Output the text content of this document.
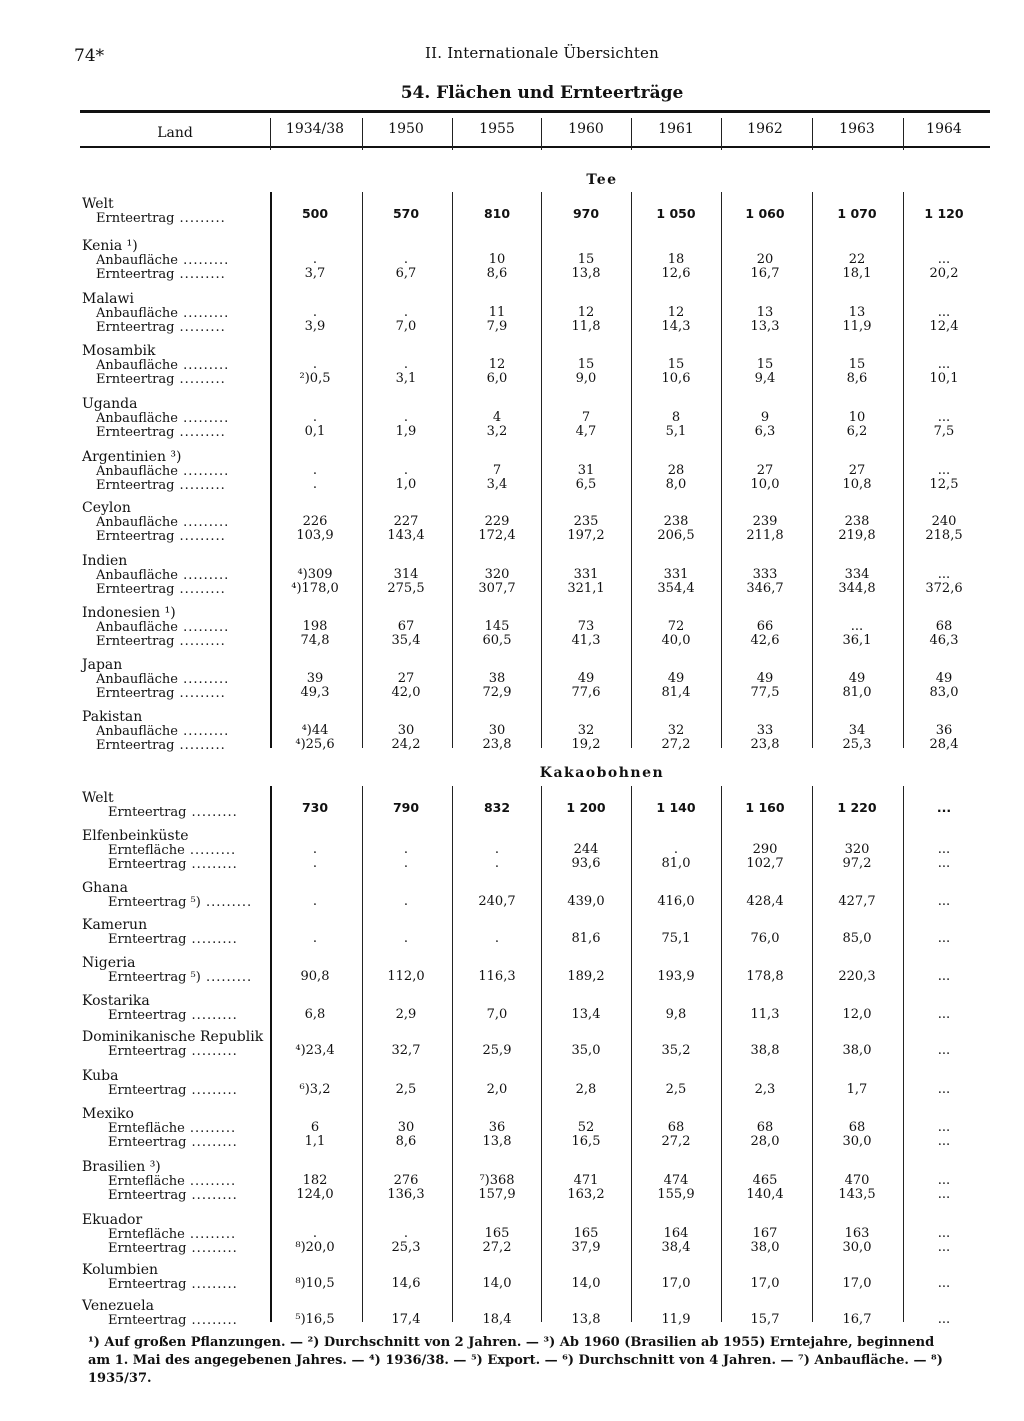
74*	II. Internationale Übersichten
54. Flächen und Ernteerträge
Land	1934/38	1950	1955	1960	1961	1962	1963	1964
Tee
Welt
Ernteertrag .........	500	570	810	970	1 050	1 060	1 070	1 120
Kenia ¹)
Anbaufläche .........	.	.	10	15	18	20	22	...
Ernteertrag .........	3,7	6,7	8,6	13,8	12,6	16,7	18,1	20,2
Malawi
Anbaufläche .........	.	.	11	12	12	13	13	...
Ernteertrag .........	3,9	7,0	7,9	11,8	14,3	13,3	11,9	12,4
Mosambik
Anbaufläche .........	.	.	12	15	15	15	15	...
Ernteertrag .........	²)0,5	3,1	6,0	9,0	10,6	9,4	8,6	10,1
Uganda
Anbaufläche .........	.	.	4	7	8	9	10	...
Ernteertrag .........	0,1	1,9	3,2	4,7	5,1	6,3	6,2	7,5
Argentinien ³)
Anbaufläche .........	.	.	7	31	28	27	27	...
Ernteertrag .........	.	1,0	3,4	6,5	8,0	10,0	10,8	12,5
Ceylon
Anbaufläche .........	226	227	229	235	238	239	238	240
Ernteertrag .........	103,9	143,4	172,4	197,2	206,5	211,8	219,8	218,5
Indien
Anbaufläche .........	⁴)309	314	320	331	331	333	334	...
Ernteertrag .........	⁴)178,0	275,5	307,7	321,1	354,4	346,7	344,8	372,6
Indonesien ¹)
Anbaufläche .........	198	67	145	73	72	66	...	68
Ernteertrag .........	74,8	35,4	60,5	41,3	40,0	42,6	36,1	46,3
Japan
Anbaufläche .........	39	27	38	49	49	49	49	49
Ernteertrag .........	49,3	42,0	72,9	77,6	81,4	77,5	81,0	83,0
Pakistan
Anbaufläche .........	⁴)44	30	30	32	32	33	34	36
Ernteertrag .........	⁴)25,6	24,2	23,8	19,2	27,2	23,8	25,3	28,4
Kakaobohnen
Welt
Ernteertrag .........	730	790	832	1 200	1 140	1 160	1 220	...
Elfenbeinküste
Erntefläche .........	.	.	.	244	.	290	320	...
Ernteertrag .........	.	.	.	93,6	81,0	102,7	97,2	...
Ghana
Ernteertrag ⁵) .........	.	.	240,7	439,0	416,0	428,4	427,7	...
Kamerun
Ernteertrag .........	.	.	.	81,6	75,1	76,0	85,0	...
Nigeria
Ernteertrag ⁵) .........	90,8	112,0	116,3	189,2	193,9	178,8	220,3	...
Kostarika
Ernteertrag .........	6,8	2,9	7,0	13,4	9,8	11,3	12,0	...
Dominikanische Republik
Ernteertrag .........	⁴)23,4	32,7	25,9	35,0	35,2	38,8	38,0	...
Kuba
Ernteertrag .........	⁶)3,2	2,5	2,0	2,8	2,5	2,3	1,7	...
Mexiko
Erntefläche .........	6	30	36	52	68	68	68	...
Ernteertrag .........	1,1	8,6	13,8	16,5	27,2	28,0	30,0	...
Brasilien ³)
Erntefläche .........	182	276	⁷)368	471	474	465	470	...
Ernteertrag .........	124,0	136,3	157,9	163,2	155,9	140,4	143,5	...
Ekuador
Erntefläche .........	.	.	165	165	164	167	163	...
Ernteertrag .........	⁸)20,0	25,3	27,2	37,9	38,4	38,0	30,0	...
Kolumbien
Ernteertrag .........	⁸)10,5	14,6	14,0	14,0	17,0	17,0	17,0	...
Venezuela
Ernteertrag .........	⁵)16,5	17,4	18,4	13,8	11,9	15,7	16,7	...
¹) Auf großen Pflanzungen. — ²) Durchschnitt von 2 Jahren. — ³) Ab 1960 (Brasilien ab 1955) Erntejahre, beginnend am 1. Mai des angegebenen Jahres. — ⁴) 1936/38. — ⁵) Export. — ⁶) Durchschnitt von 4 Jahren. — ⁷) Anbaufläche. — ⁸) 1935/37.
